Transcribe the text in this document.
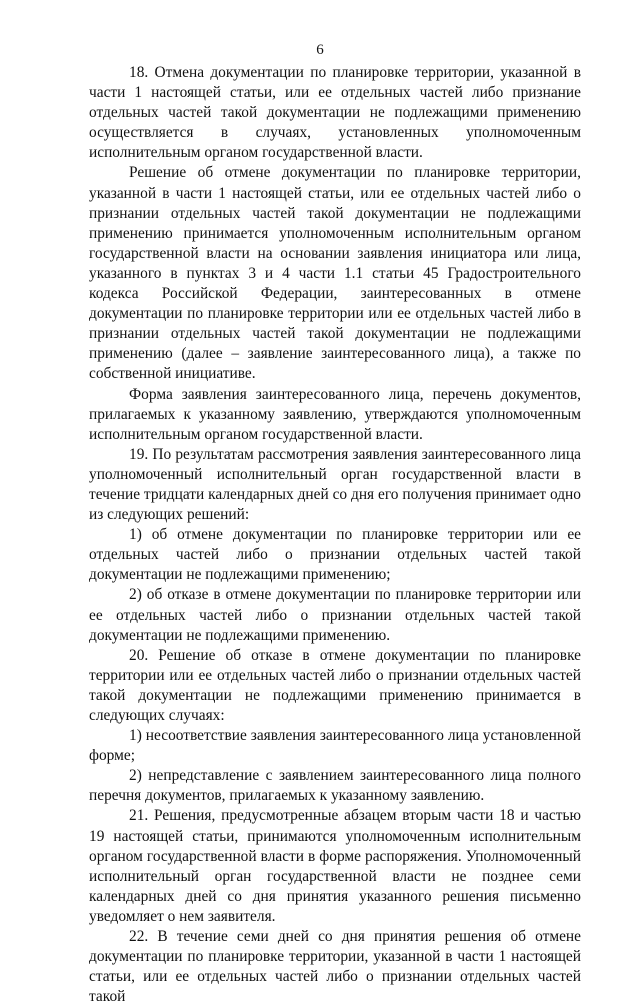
6

18. Отмена документации по планировке территории, указанной в части 1 настоящей статьи, или ее отдельных частей либо признание отдельных частей такой документации не подлежащими применению осуществляется в случаях, установленных уполномоченным исполнительным органом государственной власти.

Решение об отмене документации по планировке территории, указанной в части 1 настоящей статьи, или ее отдельных частей либо о признании отдельных частей такой документации не подлежащими применению принимается уполномоченным исполнительным органом государственной власти на основании заявления инициатора или лица, указанного в пунктах 3 и 4 части 1.1 статьи 45 Градостроительного кодекса Российской Федерации, заинтересованных в отмене документации по планировке территории или ее отдельных частей либо в признании отдельных частей такой документации не подлежащими применению (далее – заявление заинтересованного лица), а также по собственной инициативе.

Форма заявления заинтересованного лица, перечень документов, прилагаемых к указанному заявлению, утверждаются уполномоченным исполнительным органом государственной власти.

19. По результатам рассмотрения заявления заинтересованного лица уполномоченный исполнительный орган государственной власти в течение тридцати календарных дней со дня его получения принимает одно из следующих решений:

1) об отмене документации по планировке территории или ее отдельных частей либо о признании отдельных частей такой документации не подлежащими применению;

2) об отказе в отмене документации по планировке территории или ее отдельных частей либо о признании отдельных частей такой документации не подлежащими применению.

20. Решение об отказе в отмене документации по планировке территории или ее отдельных частей либо о признании отдельных частей такой документации не подлежащими применению принимается в следующих случаях:

1) несоответствие заявления заинтересованного лица установленной форме;

2) непредставление с заявлением заинтересованного лица полного перечня документов, прилагаемых к указанному заявлению.

21. Решения, предусмотренные абзацем вторым части 18 и частью 19 настоящей статьи, принимаются уполномоченным исполнительным органом государственной власти в форме распоряжения. Уполномоченный исполнительный орган государственной власти не позднее семи календарных дней со дня принятия указанного решения письменно уведомляет о нем заявителя.

22. В течение семи дней со дня принятия решения об отмене документации по планировке территории, указанной в части 1 настоящей статьи, или ее отдельных частей либо о признании отдельных частей такой
